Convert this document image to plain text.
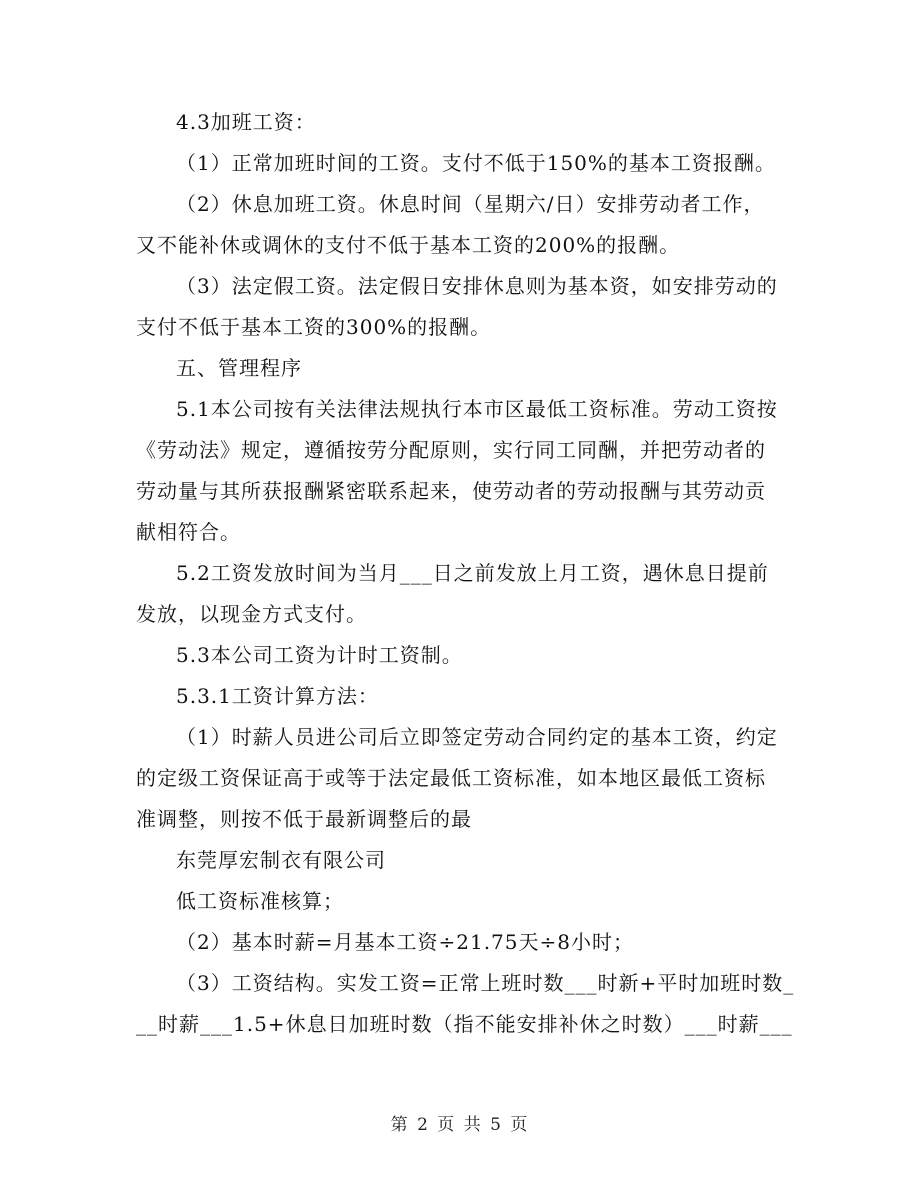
4.3加班工资：
（1）正常加班时间的工资。支付不低于150%的基本工资报酬。
（2）休息加班工资。休息时间（星期六/日）安排劳动者工作，
又不能补休或调休的支付不低于基本工资的200%的报酬。
（3）法定假工资。法定假日安排休息则为基本资，如安排劳动的
支付不低于基本工资的300%的报酬。
五、管理程序
5.1本公司按有关法律法规执行本市区最低工资标准。劳动工资按
《劳动法》规定，遵循按劳分配原则，实行同工同酬，并把劳动者的
劳动量与其所获报酬紧密联系起来，使劳动者的劳动报酬与其劳动贡
献相符合。
5.2工资发放时间为当月___日之前发放上月工资，遇休息日提前
发放，以现金方式支付。
5.3本公司工资为计时工资制。
5.3.1工资计算方法：
（1）时薪人员进公司后立即签定劳动合同约定的基本工资，约定
的定级工资保证高于或等于法定最低工资标准，如本地区最低工资标
准调整，则按不低于最新调整后的最
东莞厚宏制衣有限公司
低工资标准核算；
（2）基本时薪=月基本工资÷21.75天÷8小时；
（3）工资结构。实发工资=正常上班时数___时新+平时加班时数_
__时薪___1.5+休息日加班时数（指不能安排补休之时数）___时薪___
第 2 页 共 5 页
